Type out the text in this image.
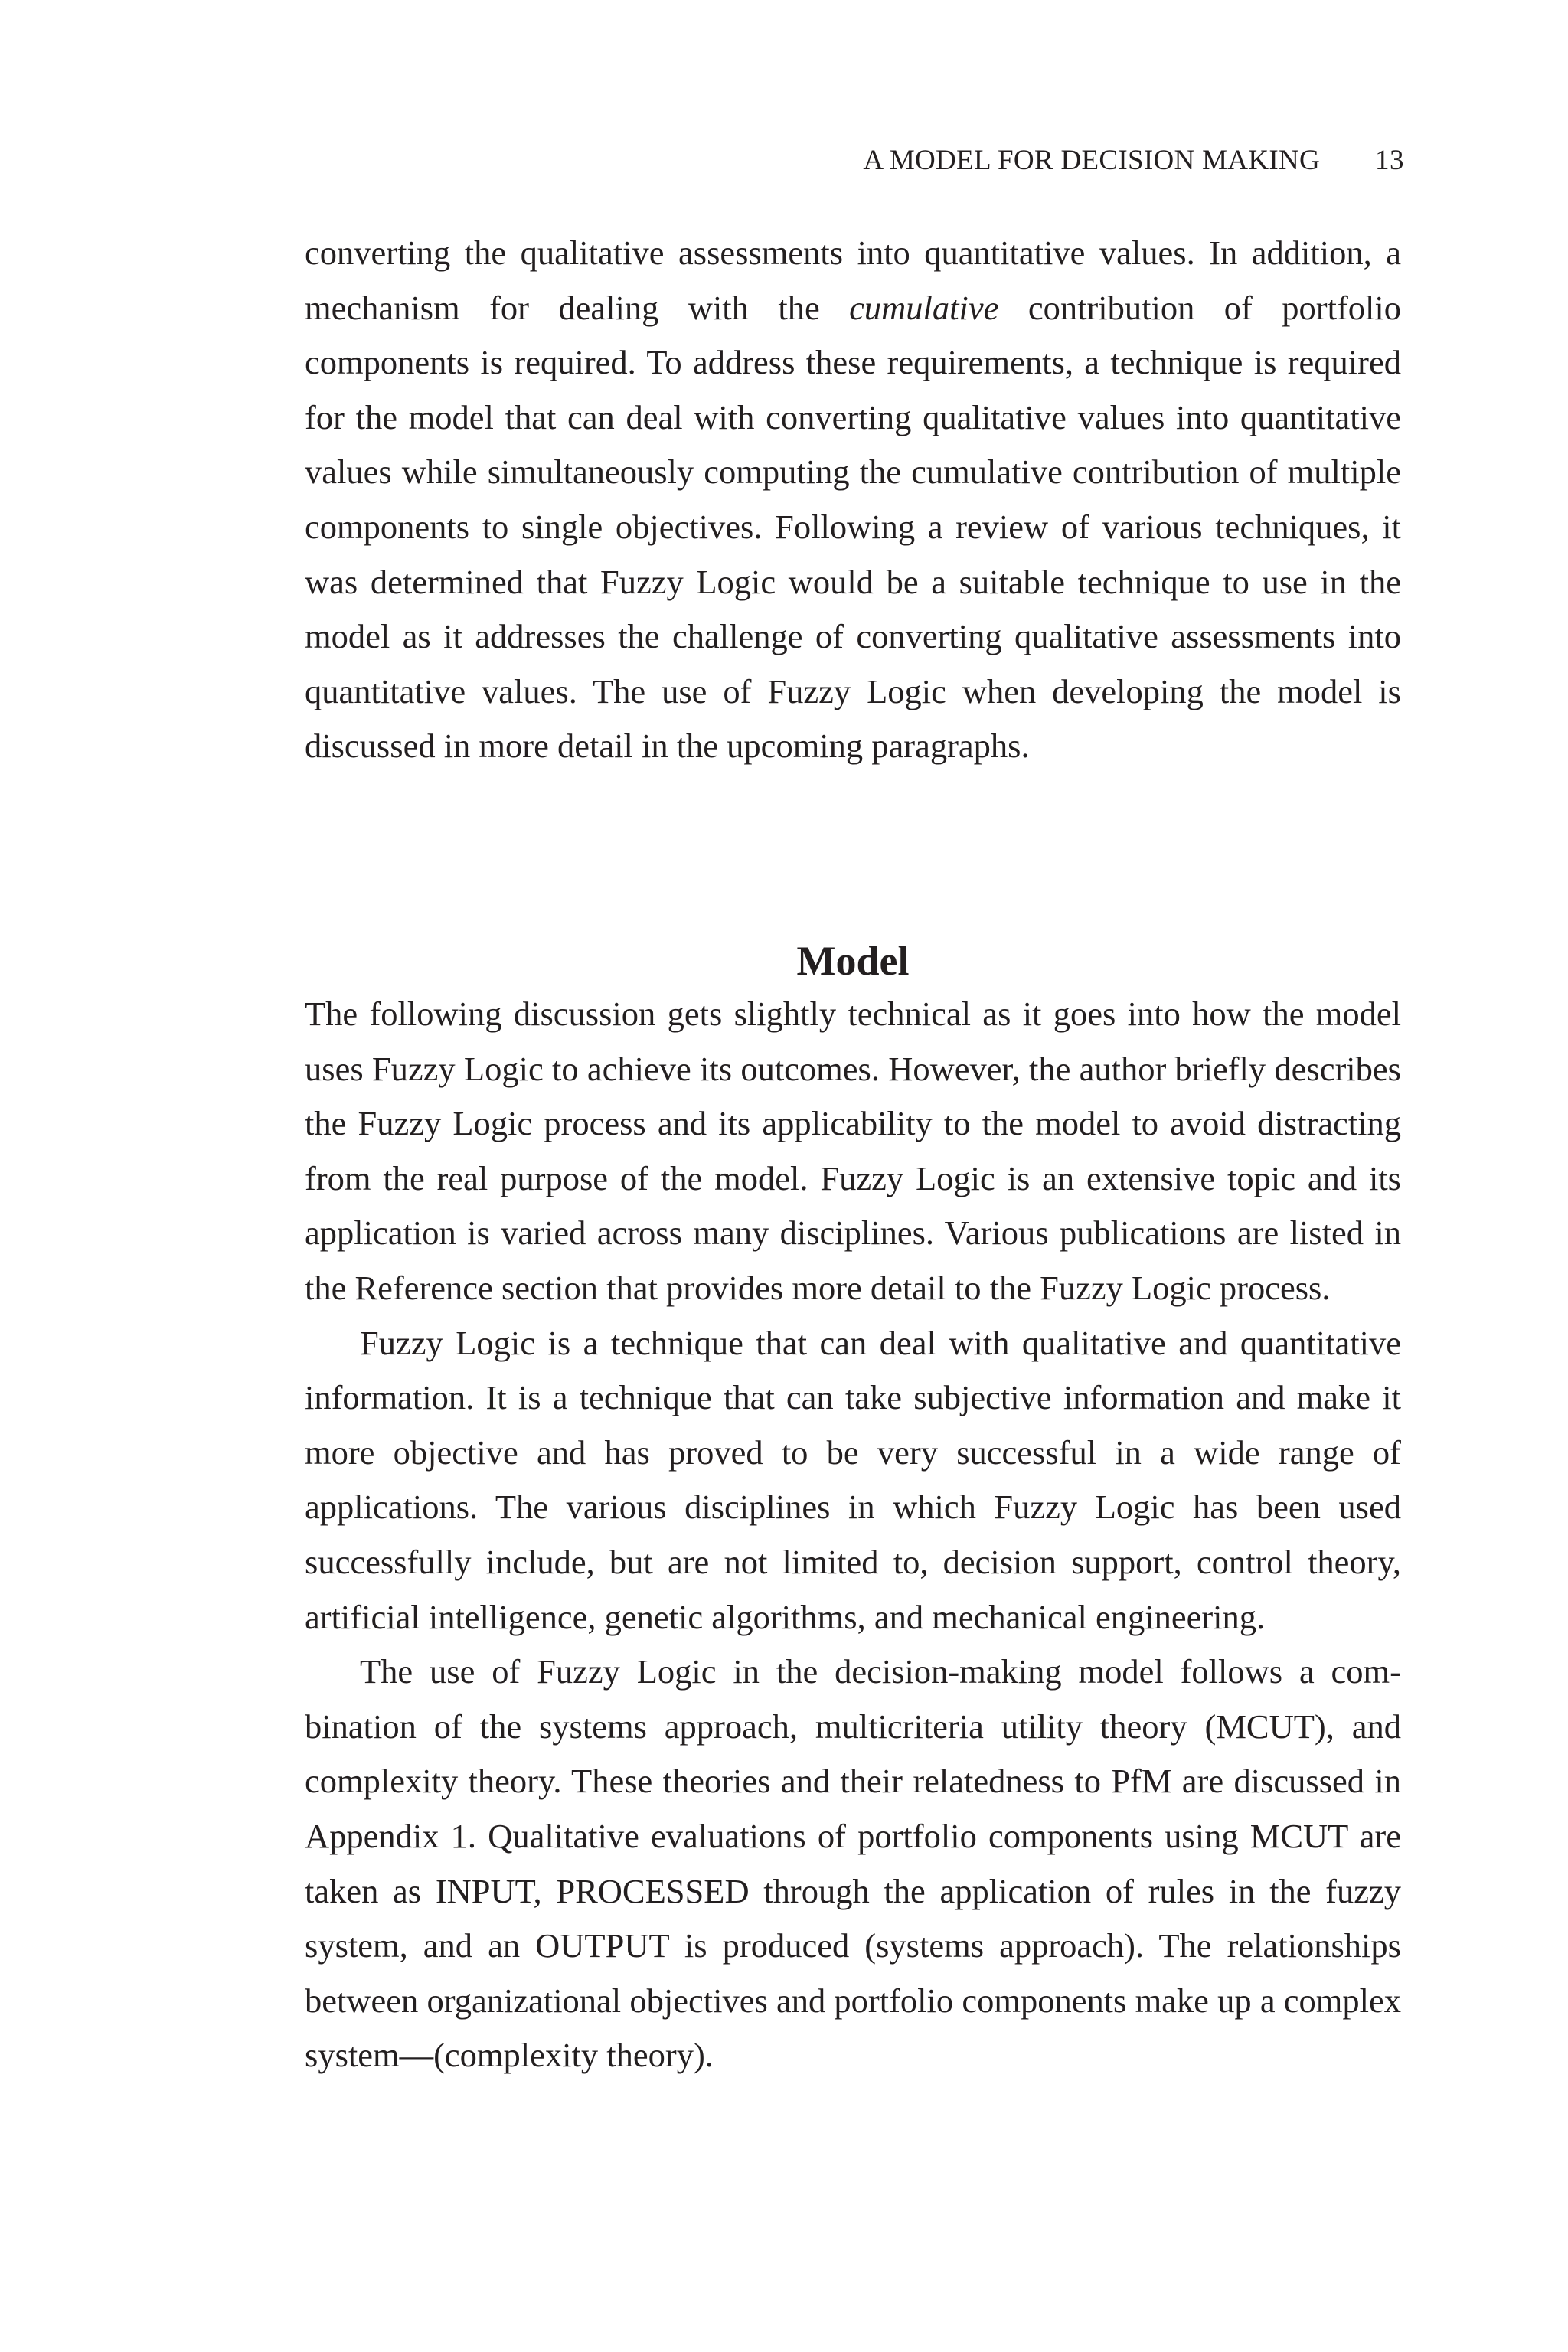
A MODEL FOR DECISION MAKING 13

converting the qualitative assessments into quantitative values. In addition, a mechanism for dealing with the cumulative contribution of portfolio components is required. To address these requirements, a technique is required for the model that can deal with converting qualitative values into quantitative values while simultaneously computing the cumulative contribution of multiple components to single objectives. Following a review of various techniques, it was determined that Fuzzy Logic would be a suitable technique to use in the model as it addresses the challenge of converting qualitative assessments into quantitative values. The use of Fuzzy Logic when developing the model is discussed in more detail in the upcoming paragraphs.

Model

The following discussion gets slightly technical as it goes into how the model uses Fuzzy Logic to achieve its outcomes. However, the author briefly describes the Fuzzy Logic process and its applicability to the model to avoid distracting from the real purpose of the model. Fuzzy Logic is an extensive topic and its application is varied across many disciplines. Various publications are listed in the Reference section that provides more detail to the Fuzzy Logic process.

Fuzzy Logic is a technique that can deal with qualitative and quantitative information. It is a technique that can take subjective information and make it more objective and has proved to be very successful in a wide range of applications. The various disciplines in which Fuzzy Logic has been used successfully include, but are not limited to, decision support, control theory, artificial intelligence, genetic algorithms, and mechanical engineering.

The use of Fuzzy Logic in the decision-making model follows a combination of the systems approach, multicriteria utility theory (MCUT), and complexity theory. These theories and their relatedness to PfM are discussed in Appendix 1. Qualitative evaluations of portfolio components using MCUT are taken as INPUT, PROCESSED through the application of rules in the fuzzy system, and an OUTPUT is produced (systems approach). The relationships between organizational objectives and portfolio components make up a complex system—(complexity theory).
